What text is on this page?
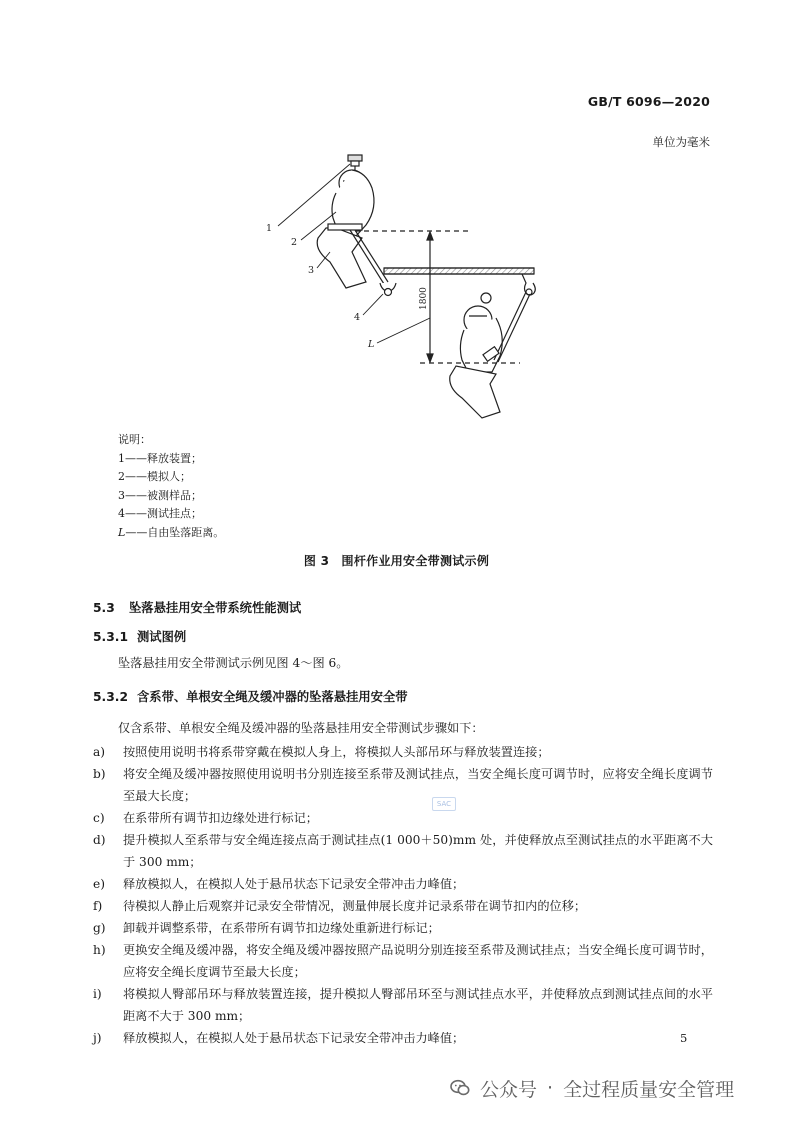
GB/T 6096—2020
单位为毫米
1
2
3
4
L
1800
说明：
1——释放装置；
2——模拟人；
3——被测样品；
4——测试挂点；
L——自由坠落距离。
图 3　围杆作业用安全带测试示例
5.3 坠落悬挂用安全带系统性能测试
5.3.1 测试图例
坠落悬挂用安全带测试示例见图 4～图 6。
5.3.2 含系带、单根安全绳及缓冲器的坠落悬挂用安全带
仅含系带、单根安全绳及缓冲器的坠落悬挂用安全带测试步骤如下：
a)	按照使用说明书将系带穿戴在模拟人身上，将模拟人头部吊环与释放装置连接；
b)	将安全绳及缓冲器按照使用说明书分别连接至系带及测试挂点，当安全绳长度可调节时，应将安全绳长度调节至最大长度；
c)	在系带所有调节扣边缘处进行标记；
d)	提升模拟人至系带与安全绳连接点高于测试挂点(1 000＋50)mm 处，并使释放点至测试挂点的水平距离不大于 300 mm；
e)	释放模拟人，在模拟人处于悬吊状态下记录安全带冲击力峰值；
f)	待模拟人静止后观察并记录安全带情况，测量伸展长度并记录系带在调节扣内的位移；
g)	卸载并调整系带，在系带所有调节扣边缘处重新进行标记；
h)	更换安全绳及缓冲器，将安全绳及缓冲器按照产品说明分别连接至系带及测试挂点；当安全绳长度可调节时，应将安全绳长度调节至最大长度；
i)	将模拟人臀部吊环与释放装置连接，提升模拟人臀部吊环至与测试挂点水平，并使释放点到测试挂点间的水平距离不大于 300 mm；
j)	释放模拟人，在模拟人处于悬吊状态下记录安全带冲击力峰值；
SAC
5
公众号 · 全过程质量安全管理
